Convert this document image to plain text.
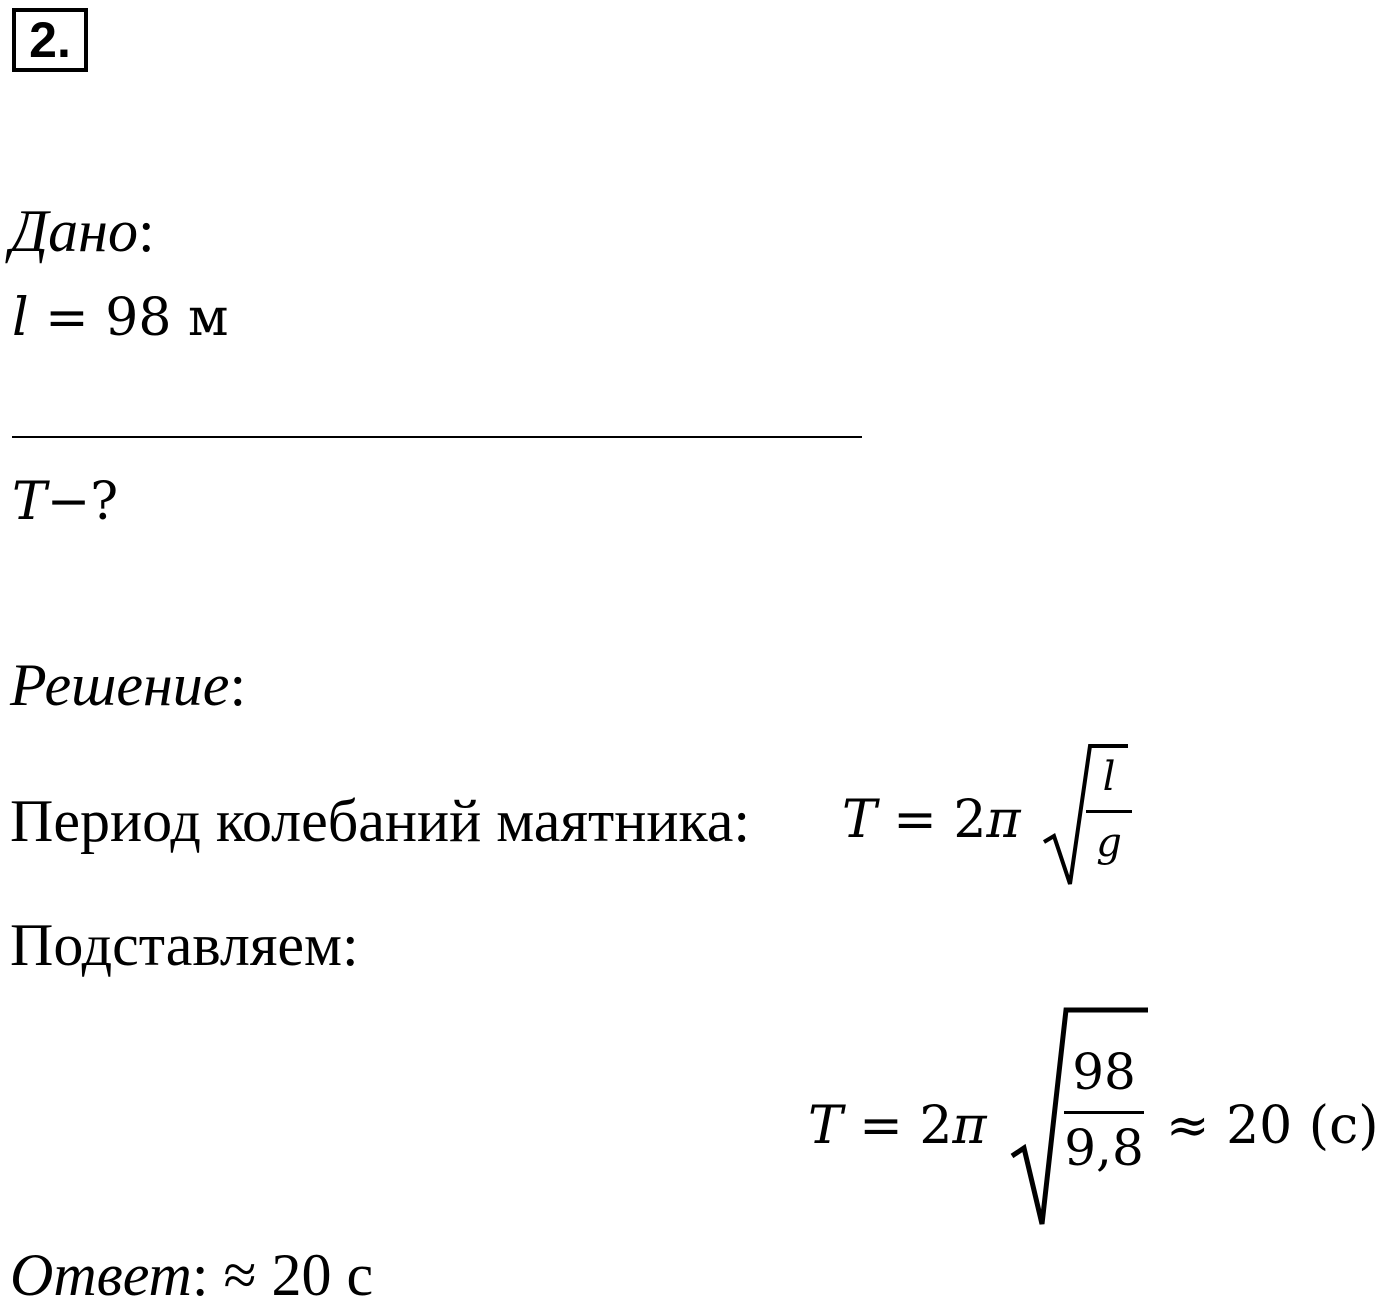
2.
Дано:
l = 98 м
T−?
Решение:
Период колебаний маятника: T = 2π
l
g
Подставляем:
T = 2π
98
9,8 ≈ 20 (с)
Ответ: ≈ 20 с
